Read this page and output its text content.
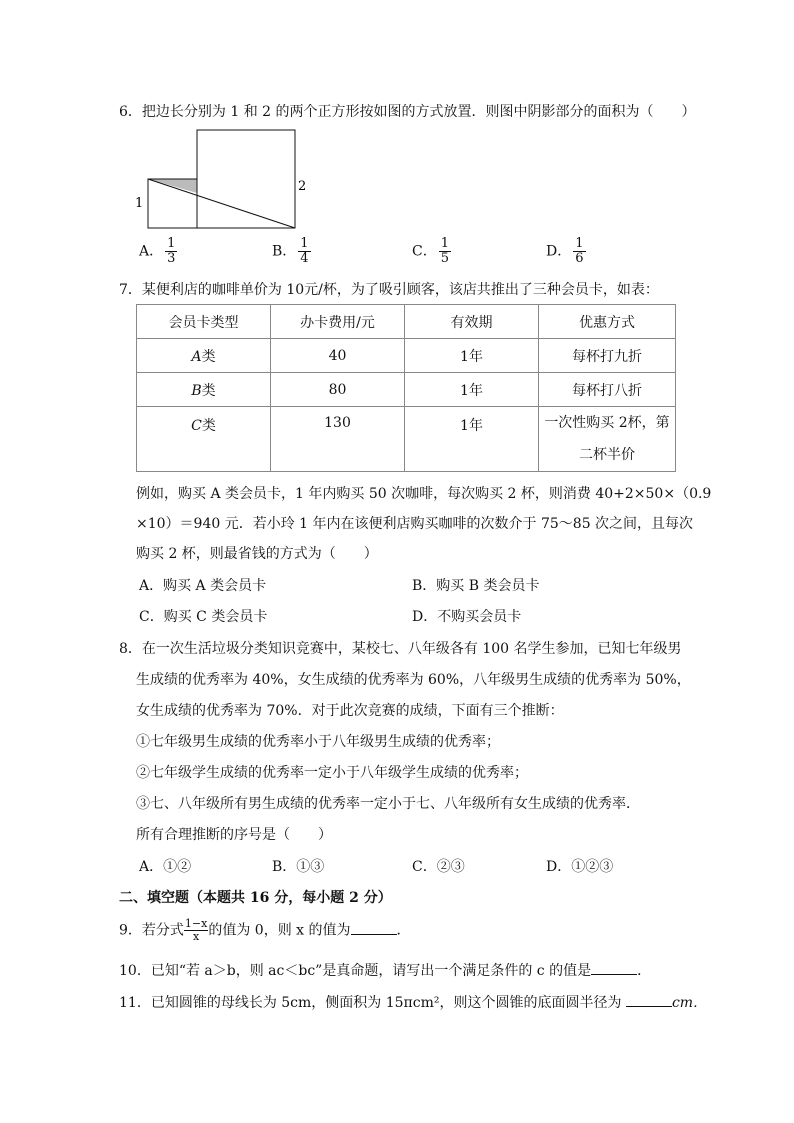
6．把边长分别为 1 和 2 的两个正方形按如图的方式放置．则图中阴影部分的面积为（　　）
1
2
A． $\frac{1}{3}$	B． $\frac{1}{4}$	C． $\frac{1}{5}$	D． $\frac{1}{6}$
7．某便利店的咖啡单价为 10元/杯，为了吸引顾客，该店共推出了三种会员卡，如表：
会员卡类型	办卡费用/元	有效期	优惠方式
A类	40	1年	每杯打九折
B类	80	1年	每杯打八折
C类	130	1年	一次性购买 2杯，第
二杯半价
例如，购买 A 类会员卡，1 年内购买 50 次咖啡，每次购买 2 杯，则消费 40+2×50×（0.9
×10）＝940 元．若小玲 1 年内在该便利店购买咖啡的次数介于 75～85 次之间，且每次
购买 2 杯，则最省钱的方式为（　　）
A．购买 A 类会员卡	B．购买 B 类会员卡
C．购买 C 类会员卡	D．不购买会员卡
8．在一次生活垃圾分类知识竞赛中，某校七、八年级各有 100 名学生参加，已知七年级男
生成绩的优秀率为 40%，女生成绩的优秀率为 60%，八年级男生成绩的优秀率为 50%，
女生成绩的优秀率为 70%．对于此次竞赛的成绩，下面有三个推断：
①七年级男生成绩的优秀率小于八年级男生成绩的优秀率；
②七年级学生成绩的优秀率一定小于八年级学生成绩的优秀率；
③七、八年级所有男生成绩的优秀率一定小于七、八年级所有女生成绩的优秀率．
所有合理推断的序号是（　　）
A．①②	B．①③	C．②③	D．①②③
二、填空题（本题共 16 分，每小题 2 分）
9．若分式 $\frac{1-x}{x}$ 的值为 0，则 x 的值为	．
10．已知“若 a＞b，则 ac＜bc”是真命题，请写出一个满足条件的 c 的值是	．
11．已知圆锥的母线长为 5cm，侧面积为 15πcm²，则这个圆锥的底面圆半径为	cm．
